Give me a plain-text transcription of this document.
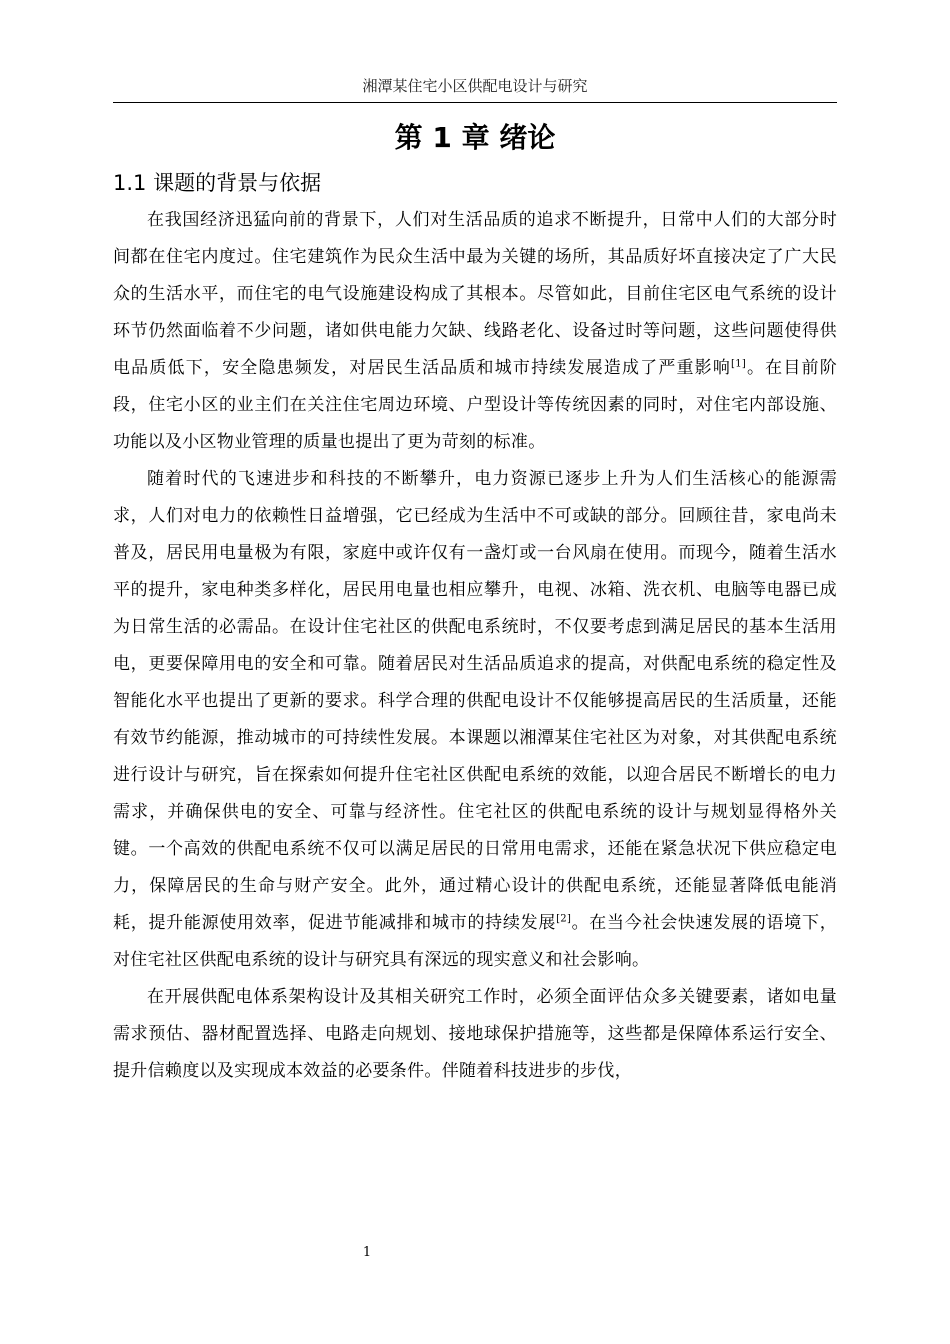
湘潭某住宅小区供配电设计与研究
第 1 章 绪论
1.1 课题的背景与依据

在我国经济迅猛向前的背景下，人们对生活品质的追求不断提升，日常中人们的大部分时间都在住宅内度过。住宅建筑作为民众生活中最为关键的场所，其品质好坏直接决定了广大民众的生活水平，而住宅的电气设施建设构成了其根本。尽管如此，目前住宅区电气系统的设计环节仍然面临着不少问题，诸如供电能力欠缺、线路老化、设备过时等问题，这些问题使得供电品质低下，安全隐患频发，对居民生活品质和城市持续发展造成了严重影响[1]。在目前阶段，住宅小区的业主们在关注住宅周边环境、户型设计等传统因素的同时，对住宅内部设施、功能以及小区物业管理的质量也提出了更为苛刻的标准。

随着时代的飞速进步和科技的不断攀升，电力资源已逐步上升为人们生活核心的能源需求，人们对电力的依赖性日益增强，它已经成为生活中不可或缺的部分。回顾往昔，家电尚未普及，居民用电量极为有限，家庭中或许仅有一盏灯或一台风扇在使用。而现今，随着生活水平的提升，家电种类多样化，居民用电量也相应攀升，电视、冰箱、洗衣机、电脑等电器已成为日常生活的必需品。在设计住宅社区的供配电系统时，不仅要考虑到满足居民的基本生活用电，更要保障用电的安全和可靠。随着居民对生活品质追求的提高，对供配电系统的稳定性及智能化水平也提出了更新的要求。科学合理的供配电设计不仅能够提高居民的生活质量，还能有效节约能源，推动城市的可持续性发展。本课题以湘潭某住宅社区为对象，对其供配电系统进行设计与研究，旨在探索如何提升住宅社区供配电系统的效能，以迎合居民不断增长的电力需求，并确保供电的安全、可靠与经济性。住宅社区的供配电系统的设计与规划显得格外关键。一个高效的供配电系统不仅可以满足居民的日常用电需求，还能在紧急状况下供应稳定电力，保障居民的生命与财产安全。此外，通过精心设计的供配电系统，还能显著降低电能消耗，提升能源使用效率，促进节能减排和城市的持续发展[2]。在当今社会快速发展的语境下，对住宅社区供配电系统的设计与研究具有深远的现实意义和社会影响。

在开展供配电体系架构设计及其相关研究工作时，必须全面评估众多关键要素，诸如电量需求预估、器材配置选择、电路走向规划、接地球保护措施等，这些都是保障体系运行安全、提升信赖度以及实现成本效益的必要条件。伴随着科技进步的步伐，

1
